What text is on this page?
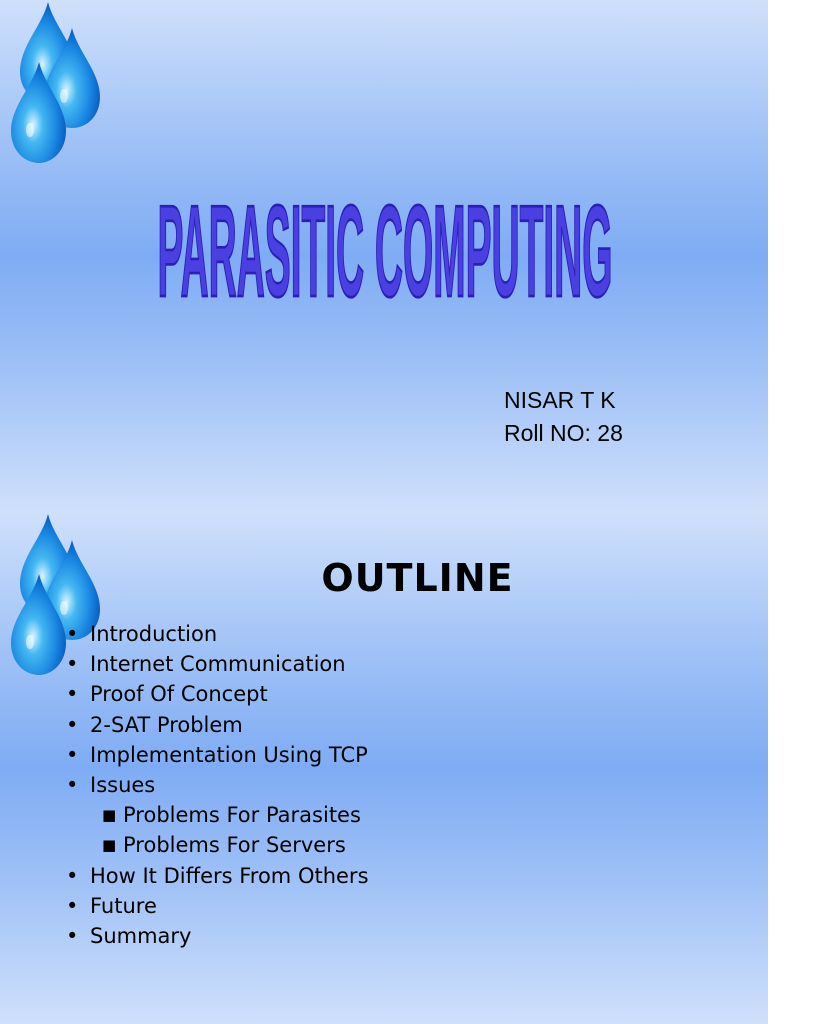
PARASITIC COMPUTING
NISAR T K
Roll NO: 28
OUTLINE
• Introduction
• Internet Communication
• Proof Of Concept
• 2-SAT Problem
• Implementation Using TCP
• Issues
■ Problems For Parasites
■ Problems For Servers
• How It Differs From Others
• Future
• Summary
